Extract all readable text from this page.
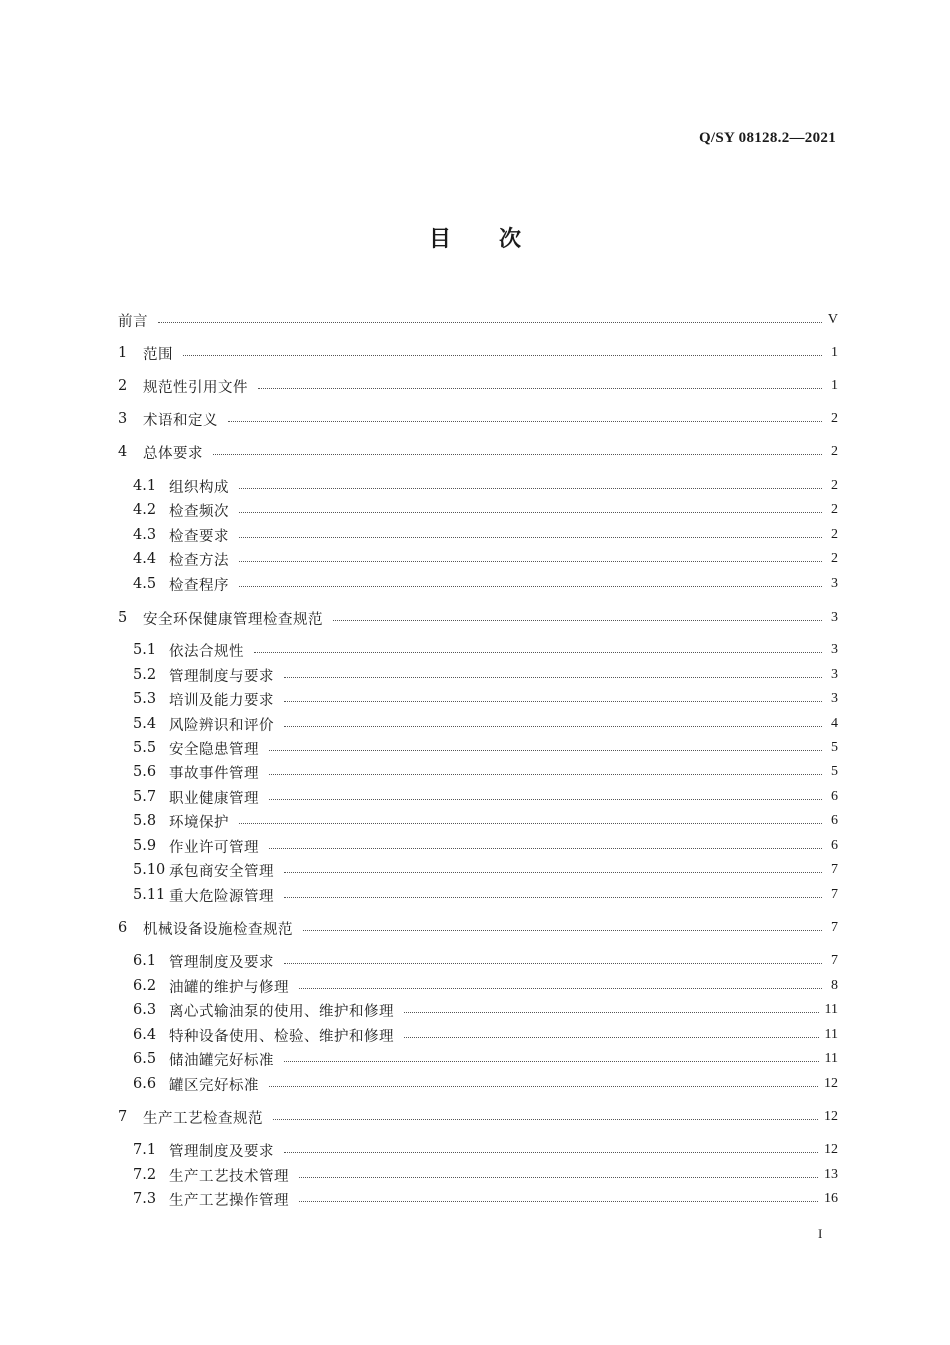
Q/SY 08128.2—2021
目次
前言	V
1	范围	1
2	规范性引用文件	1
3	术语和定义	2
4	总体要求	2
4.1 组织构成	2
4.2 检查频次	2
4.3 检查要求	2
4.4 检查方法	2
4.5 检查程序	3
5	安全环保健康管理检查规范	3
5.1 依法合规性	3
5.2 管理制度与要求	3
5.3 培训及能力要求	3
5.4 风险辨识和评价	4
5.5 安全隐患管理	5
5.6 事故事件管理	5
5.7 职业健康管理	6
5.8 环境保护	6
5.9 作业许可管理	6
5.10 承包商安全管理	7
5.11 重大危险源管理	7
6	机械设备设施检查规范	7
6.1 管理制度及要求	7
6.2 油罐的维护与修理	8
6.3 离心式输油泵的使用、维护和修理	11
6.4 特种设备使用、检验、维护和修理	11
6.5 储油罐完好标准	11
6.6 罐区完好标准	12
7	生产工艺检查规范	12
7.1 管理制度及要求	12
7.2 生产工艺技术管理	13
7.3 生产工艺操作管理	16
I
